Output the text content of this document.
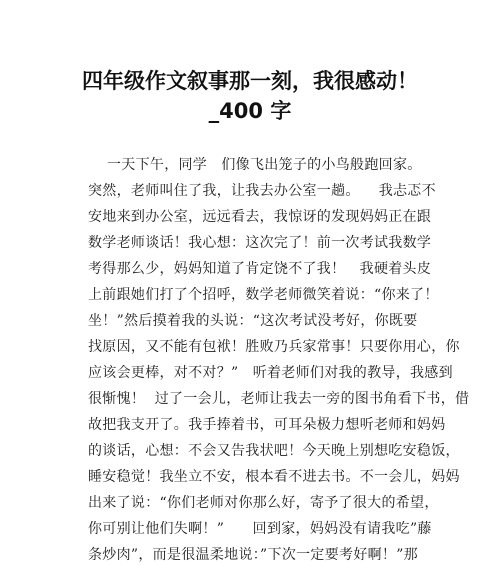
四年级作文叙事那一刻，我很感动！
_400 字
一天下午，同学   们像飞出笼子的小鸟般跑回家。
突然，老师叫住了我，让我去办公室一趟。    我忐忑不
安地来到办公室，远远看去，我惊讶的发现妈妈正在跟
数学老师谈话！我心想：这次完了！前一次考试我数学
考得那么少，妈妈知道了肯定饶不了我！   我硬着头皮
上前跟她们打了个招呼，数学老师微笑着说：“你来了！
坐！”然后摸着我的头说：“这次考试没考好，你既要
找原因，又不能有包袱！胜败乃兵家常事！只要你用心，你
应该会更棒，对不对？”   听着老师们对我的教导，我感到
很惭愧！  过了一会儿，老师让我去一旁的图书角看下书，借
故把我支开了。我手捧着书，可耳朵极力想听老师和妈妈
的谈话，心想：不会又告我状吧！今天晚上别想吃安稳饭，
睡安稳觉！我坐立不安，根本看不进去书。不一会儿，妈妈
出来了说：“你们老师对你那么好，寄予了很大的希望，
你可别让他们失啊！”      回到家，妈妈没有请我吃”藤
条炒肉”，而是很温柔地说：”下次一定要考好啊！”那
